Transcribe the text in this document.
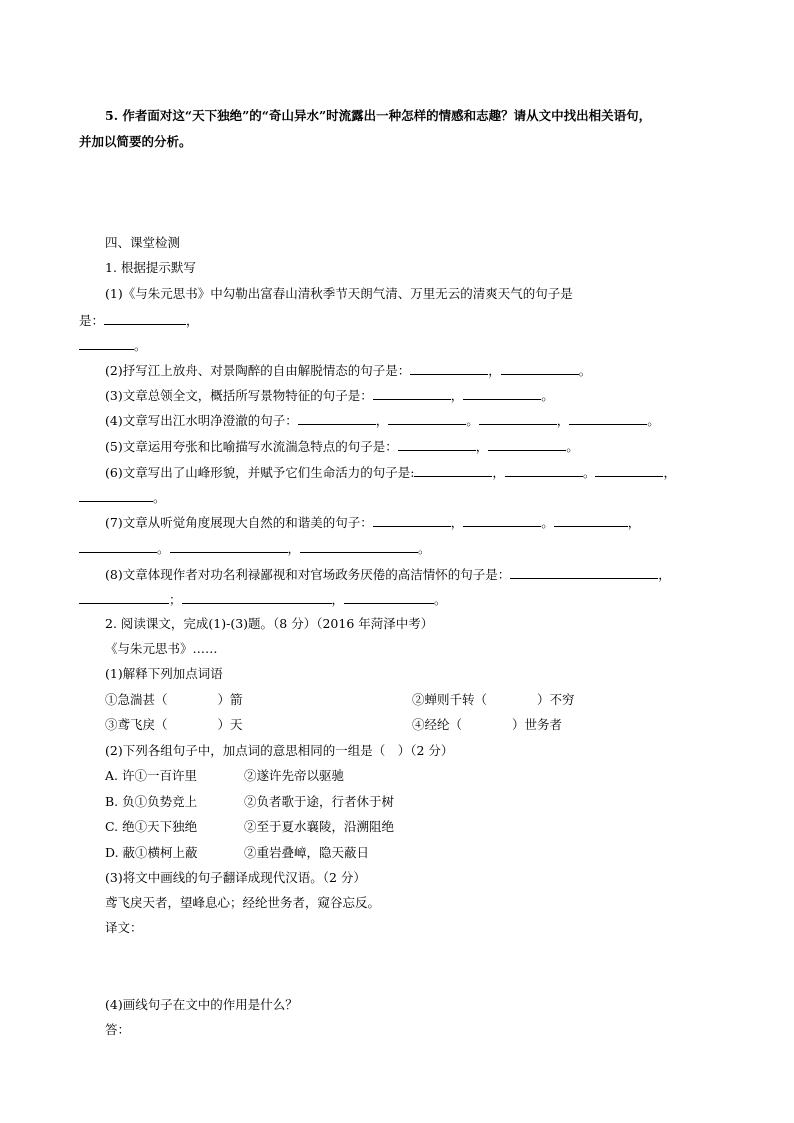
5. 作者面对这“天下独绝”的“奇山异水”时流露出一种怎样的情感和志趣？请从文中找出相关语句，
并加以简要的分析。
四、课堂检测
1. 根据提示默写
(1)《与朱元思书》中勾勒出富春山清秋季节天朗气清、万里无云的清爽天气的句子是
是：	，
。
(2)抒写江上放舟、对景陶醉的自由解脱情态的句子是：	，	。
(3)文章总领全文，概括所写景物特征的句子是：	，	。
(4)文章写出江水明净澄澈的句子：	，	。	，	。
(5)文章运用夸张和比喻描写水流湍急特点的句子是：	，	。
(6)文章写出了山峰形貌，并赋予它们生命活力的句子是:	，	。	，
。
(7)文章从听觉角度展现大自然的和谐美的句子：	，	。	，
。	，	。
(8)文章体现作者对功名利禄鄙视和对官场政务厌倦的高洁情怀的句子是：	，
；	，	。
2. 阅读课文，完成(1)-(3)题。（8 分）（2016 年菏泽中考）
《与朱元思书》……
(1)解释下列加点词语
①急湍甚（　　　　）箭	②蝉则千转（　　　　）不穷
③鸢飞戾（　　　　）天	④经纶（　　　　）世务者
(2)下列各组句子中，加点词的意思相同的一组是（　）（2 分）
A. 许①一百许里	②遂许先帝以驱驰
B. 负①负势竞上	②负者歌于途，行者休于树
C. 绝①天下独绝	②至于夏水襄陵，沿溯阻绝
D. 蔽①横柯上蔽	②重岩叠嶂，隐天蔽日
(3)将文中画线的句子翻译成现代汉语。（2 分）
鸢飞戾天者，望峰息心；经纶世务者，窥谷忘反。
译文：
(4)画线句子在文中的作用是什么？
答：
